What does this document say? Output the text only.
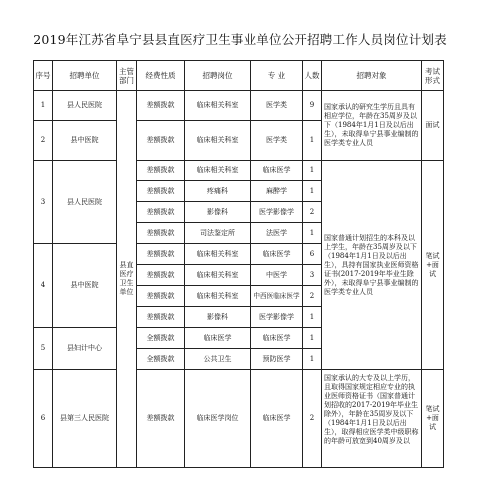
2019年江苏省阜宁县县直医疗卫生事业单位公开招聘工作人员岗位计划表
序号	招聘单位	主管部门	经费性质	招聘岗位	专 业	人数	招聘对象	考试形式
1	县人民医院	县直医疗卫生单位	差额拨款	临床相关科室	医学类	9	国家承认的研究生学历且具有相应学位，年龄在35周岁及以下（1984年1月1日及以后出生），未取得阜宁县事业编制的医学类专业人员	面试
2	县中医院		差额拨款	临床相关科室	医学类	1		
3	县人民医院		差额拨款	临床相关科室	临床医学	1	国家普通计划招生的本科及以上学生，年龄在35周岁及以下（1984年1月1日及以后出生），具持有国家执业医师资格证书(2017-2019年毕业生除外），未取得阜宁县事业编制的医学类专业人员	笔试+面试
			差额拨款	疼痛科	麻醉学	1		
			差额拨款	影像科	医学影像学	2		
			差额拨款	司法鉴定所	法医学	1		
4	县中医院		差额拨款	临床相关科室	临床医学	6		
			差额拨款	临床相关科室	中医学	3		
			差额拨款	临床相关科室	中西医临床医学	2		
			差额拨款	影像科	医学影像学	1		
5	县妇计中心		全额拨款	临床医学	临床医学	1		
			全额拨款	公共卫生	预防医学	1		
6	县第三人民医院		差额拨款	临床医学岗位	临床医学	2	国家承认的大专及以上学历，且取得国家规定相应专业的执业医师资格证书（国家普通计划招收的2017-2019年毕业生除外），年龄在35周岁及以下（1984年1月1日及以后出生），取得相应医学类中级职称的年龄可放宽到40周岁及以	笔试+面试
